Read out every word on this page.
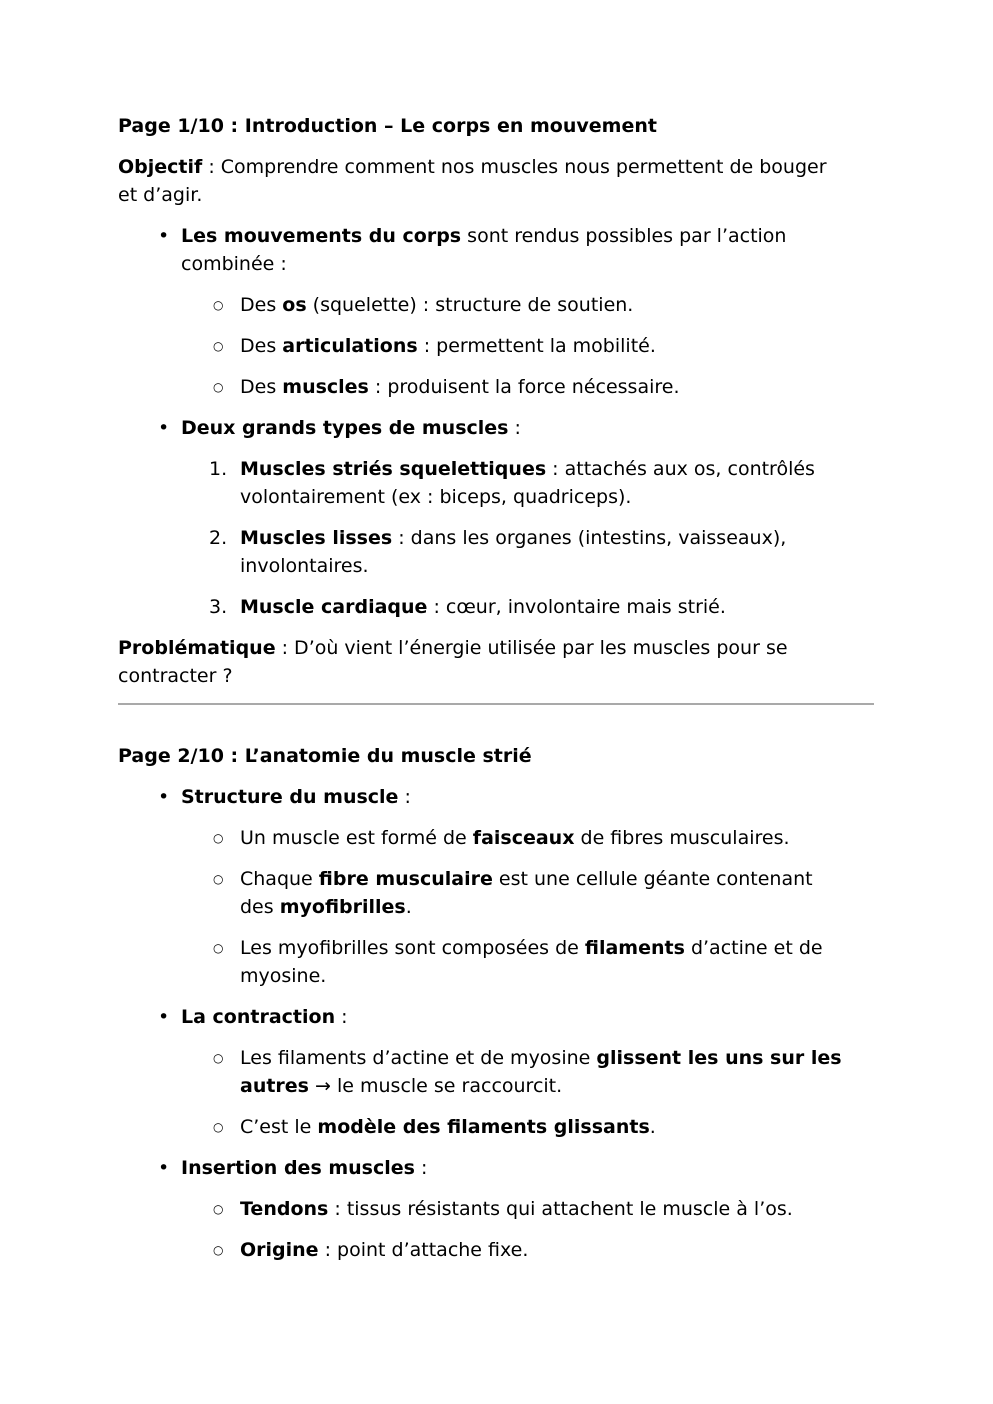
Page 1/10 : Introduction – Le corps en mouvement
Objectif : Comprendre comment nos muscles nous permettent de bouger
et d’agir.
• Les mouvements du corps sont rendus possibles par l’action
combinée :
○ Des os (squelette) : structure de soutien.
○ Des articulations : permettent la mobilité.
○ Des muscles : produisent la force nécessaire.
• Deux grands types de muscles :
1. Muscles striés squelettiques : attachés aux os, contrôlés
volontairement (ex : biceps, quadriceps).
2. Muscles lisses : dans les organes (intestins, vaisseaux),
involontaires.
3. Muscle cardiaque : cœur, involontaire mais strié.
Problématique : D’où vient l’énergie utilisée par les muscles pour se
contracter ?
Page 2/10 : L’anatomie du muscle strié
• Structure du muscle :
○ Un muscle est formé de faisceaux de fibres musculaires.
○ Chaque fibre musculaire est une cellule géante contenant
des myofibrilles.
○ Les myofibrilles sont composées de filaments d’actine et de
myosine.
• La contraction :
○ Les filaments d’actine et de myosine glissent les uns sur les
autres → le muscle se raccourcit.
○ C’est le modèle des filaments glissants.
• Insertion des muscles :
○ Tendons : tissus résistants qui attachent le muscle à l’os.
○ Origine : point d’attache fixe.
